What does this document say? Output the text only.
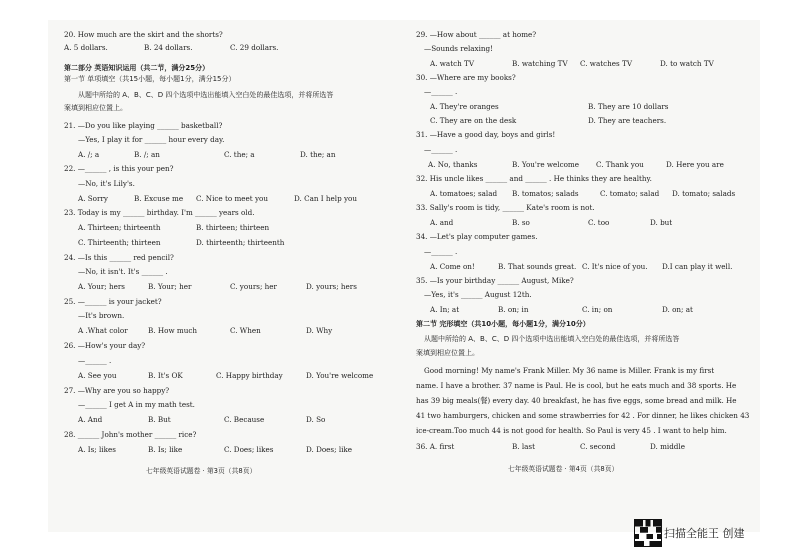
20. How much are the skirt and the shorts?
A. 5 dollars.	B. 24 dollars.	C. 29 dollars.
第二部分 英语知识运用（共二节，满分25分）
第一节 单项填空（共15小题，每小题1分，满分15分）
从题中所给的 A、B、C、D 四个选项中选出能填入空白处的最佳选项，并将所选答
案填到相应位置上。
21. —Do you like playing ______ basketball?
—Yes, I play it for ______ hour every day.
A. /; a	B. /; an	C. the; a	D. the; an
22. —______ , is this your pen?
—No, it's Lily's.
A. Sorry	B. Excuse me C. Nice to meet you	D. Can I help you
23. Today is my ______ birthday. I'm ______ years old.
A. Thirteen; thirteenth	B. thirteen; thirteen
C. Thirteenth; thirteen	D. thirteenth; thirteenth
24. —Is this ______ red pencil?
—No, it isn't. It's ______ .
A. Your; hers	B. Your; her	C. yours; her	D. yours; hers
25. —______ is your jacket?
—It's brown.
A .What color	B. How much	C. When	D. Why
26. —How's your day?
—______ .
A. See you	B. It's OK	C. Happy birthday	D. You're welcome
27. —Why are you so happy?
—______ I get A in my math test.
A. And	B. But	C. Because	D. So
28. ______ John's mother ______ rice?
A. Is; likes	B. Is; like	C. Does; likes	D. Does; like
七年级英语试题卷 · 第3页（共8页）
29. —How about ______ at home?
—Sounds relaxing!
A. watch TV	B. watching TV C. watches TV	D. to watch TV
30. —Where are my books?
—______ .
A. They're oranges	B. They are 10 dollars
C. They are on the desk	D. They are teachers.
31. —Have a good day, boys and girls!
—______ .
A. No, thanks	B. You're welcome C. Thank you	D. Here you are
32. His uncle likes ______ and ______ . He thinks they are healthy.
A. tomatoes; salad B. tomatos; salads	C. tomato; salad D. tomato; salads
33. Sally's room is tidy, ______ Kate's room is not.
A. and	B. so	C. too	D. but
34. —Let's play computer games.
—______ .
A. Come on!	B. That sounds great. C. It's nice of you. D.I can play it well.
35. —Is your birthday ______ August, Mike?
—Yes, it's ______ August 12th.
A. In; at	B. on; in	C. in; on	D. on; at
第二节 完形填空（共10小题，每小题1分，满分10分）
从题中所给的 A、B、C、D 四个选项中选出能填入空白处的最佳选项，并将所选答
案填到相应位置上。
Good morning! My name's Frank Miller. My 36 name is Miller. Frank is my first
name. I have a brother. 37 name is Paul. He is cool, but he eats much and 38 sports. He
has 39 big meals(餐) every day. 40 breakfast, he has five eggs, some bread and milk. He
41 two hamburgers, chicken and some strawberries for 42 . For dinner, he likes chicken 43
ice-cream.Too much 44 is not good for health. So Paul is very 45 . I want to help him.
36. A. first	B. last	C. second	D. middle
七年级英语试题卷 · 第4页（共8页）
扫描全能王 创建
